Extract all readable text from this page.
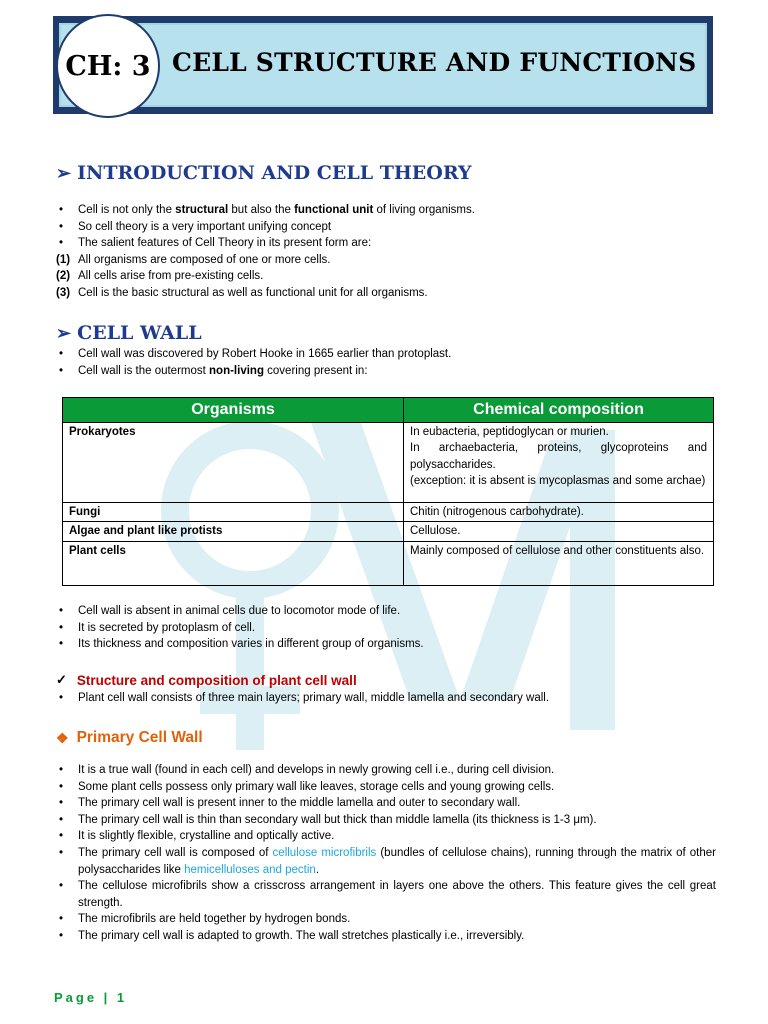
CELL STRUCTURE AND FUNCTIONS
CH: 3
➢ INTRODUCTION AND CELL THEORY
•	Cell is not only the structural but also the functional unit of living organisms.
•	So cell theory is a very important unifying concept
•	The salient features of Cell Theory in its present form are:
(1) All organisms are composed of one or more cells.
(2) All cells arise from pre-existing cells.
(3) Cell is the basic structural as well as functional unit for all organisms.
➢ CELL WALL
•	Cell wall was discovered by Robert Hooke in 1665 earlier than protoplast.
•	Cell wall is the outermost non-living covering present in:
Organisms	Chemical composition
Prokaryotes	In eubacteria, peptidoglycan or murien.
In archaebacteria, proteins, glycoproteins and polysaccharides.
(exception: it is absent is mycoplasmas and some archae)

Fungi	Chitin (nitrogenous carbohydrate).
Algae and plant like protists	Cellulose.
Plant cells	Mainly composed of cellulose and other constituents also.
•	Cell wall is absent in animal cells due to locomotor mode of life.
•	It is secreted by protoplasm of cell.
•	Its thickness and composition varies in different group of organisms.
✓ Structure and composition of plant cell wall
•	Plant cell wall consists of three main layers; primary wall, middle lamella and secondary wall.
❖ Primary Cell Wall
•	It is a true wall (found in each cell) and develops in newly growing cell i.e., during cell division.
•	Some plant cells possess only primary wall like leaves, storage cells and young growing cells.
•	The primary cell wall is present inner to the middle lamella and outer to secondary wall.
•	The primary cell wall is thin than secondary wall but thick than middle lamella (its thickness is 1-3 μm).
•	It is slightly flexible, crystalline and optically active.
•	The primary cell wall is composed of cellulose microfibrils (bundles of cellulose chains), running through the matrix of other polysaccharides like hemicelluloses and pectin.
•	The cellulose microfibrils show a crisscross arrangement in layers one above the others. This feature gives the cell great strength.
•	The microfibrils are held together by hydrogen bonds.
•	The primary cell wall is adapted to growth. The wall stretches plastically i.e., irreversibly.
Page | 1
